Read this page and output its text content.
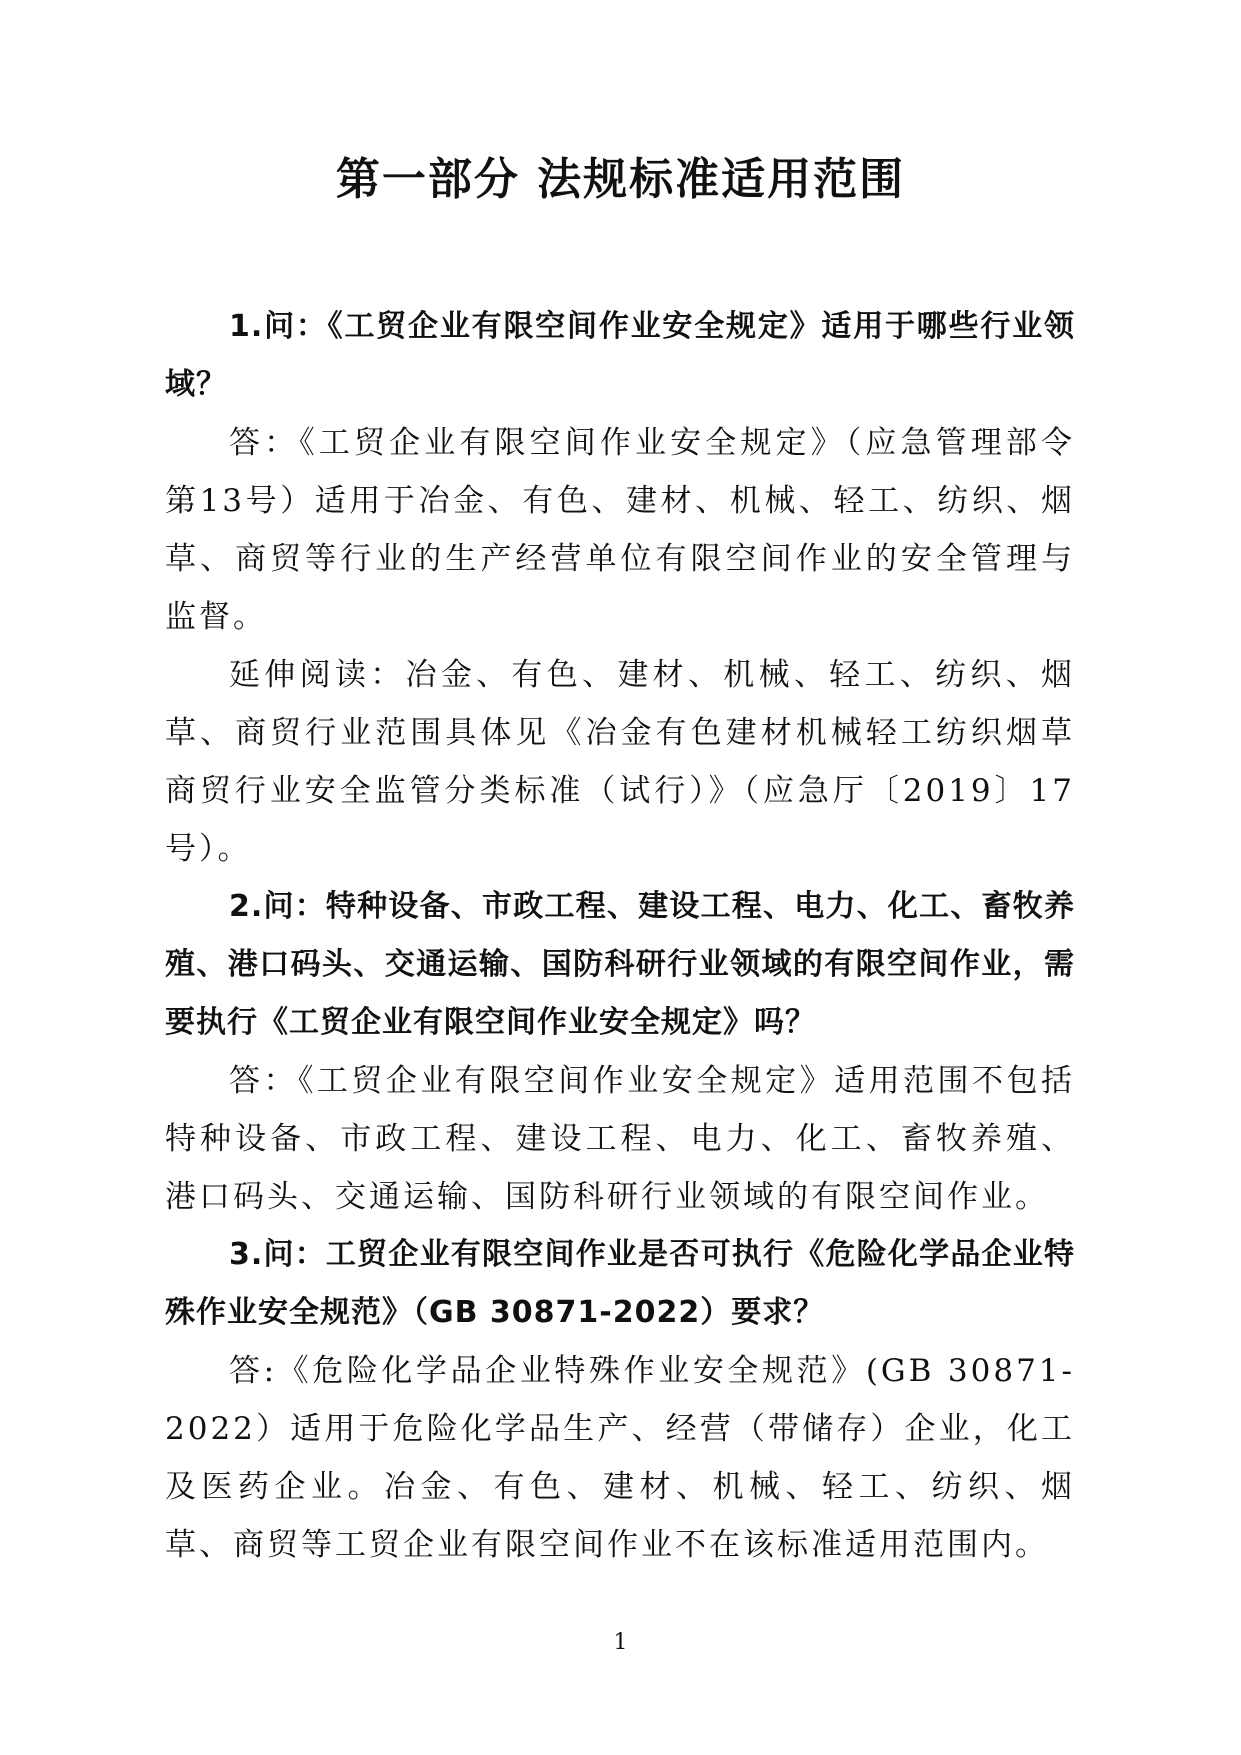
第一部分 法规标准适用范围

1.问：《工贸企业有限空间作业安全规定》适用于哪些行业领域？

答：《工贸企业有限空间作业安全规定》（应急管理部令第13号）适用于冶金、有色、建材、机械、轻工、纺织、烟草、商贸等行业的生产经营单位有限空间作业的安全管理与监督。

延伸阅读：冶金、有色、建材、机械、轻工、纺织、烟草、商贸行业范围具体见《冶金有色建材机械轻工纺织烟草商贸行业安全监管分类标准（试行）》（应急厅〔2019〕17号）。

2.问：特种设备、市政工程、建设工程、电力、化工、畜牧养殖、港口码头、交通运输、国防科研行业领域的有限空间作业，需要执行《工贸企业有限空间作业安全规定》吗？

答：《工贸企业有限空间作业安全规定》适用范围不包括特种设备、市政工程、建设工程、电力、化工、畜牧养殖、港口码头、交通运输、国防科研行业领域的有限空间作业。

3.问：工贸企业有限空间作业是否可执行《危险化学品企业特殊作业安全规范》（GB 30871-2022）要求？

答:《危险化学品企业特殊作业安全规范》(GB 30871-2022）适用于危险化学品生产、经营（带储存）企业，化工及医药企业。冶金、有色、建材、机械、轻工、纺织、烟草、商贸等工贸企业有限空间作业不在该标准适用范围内。

1
